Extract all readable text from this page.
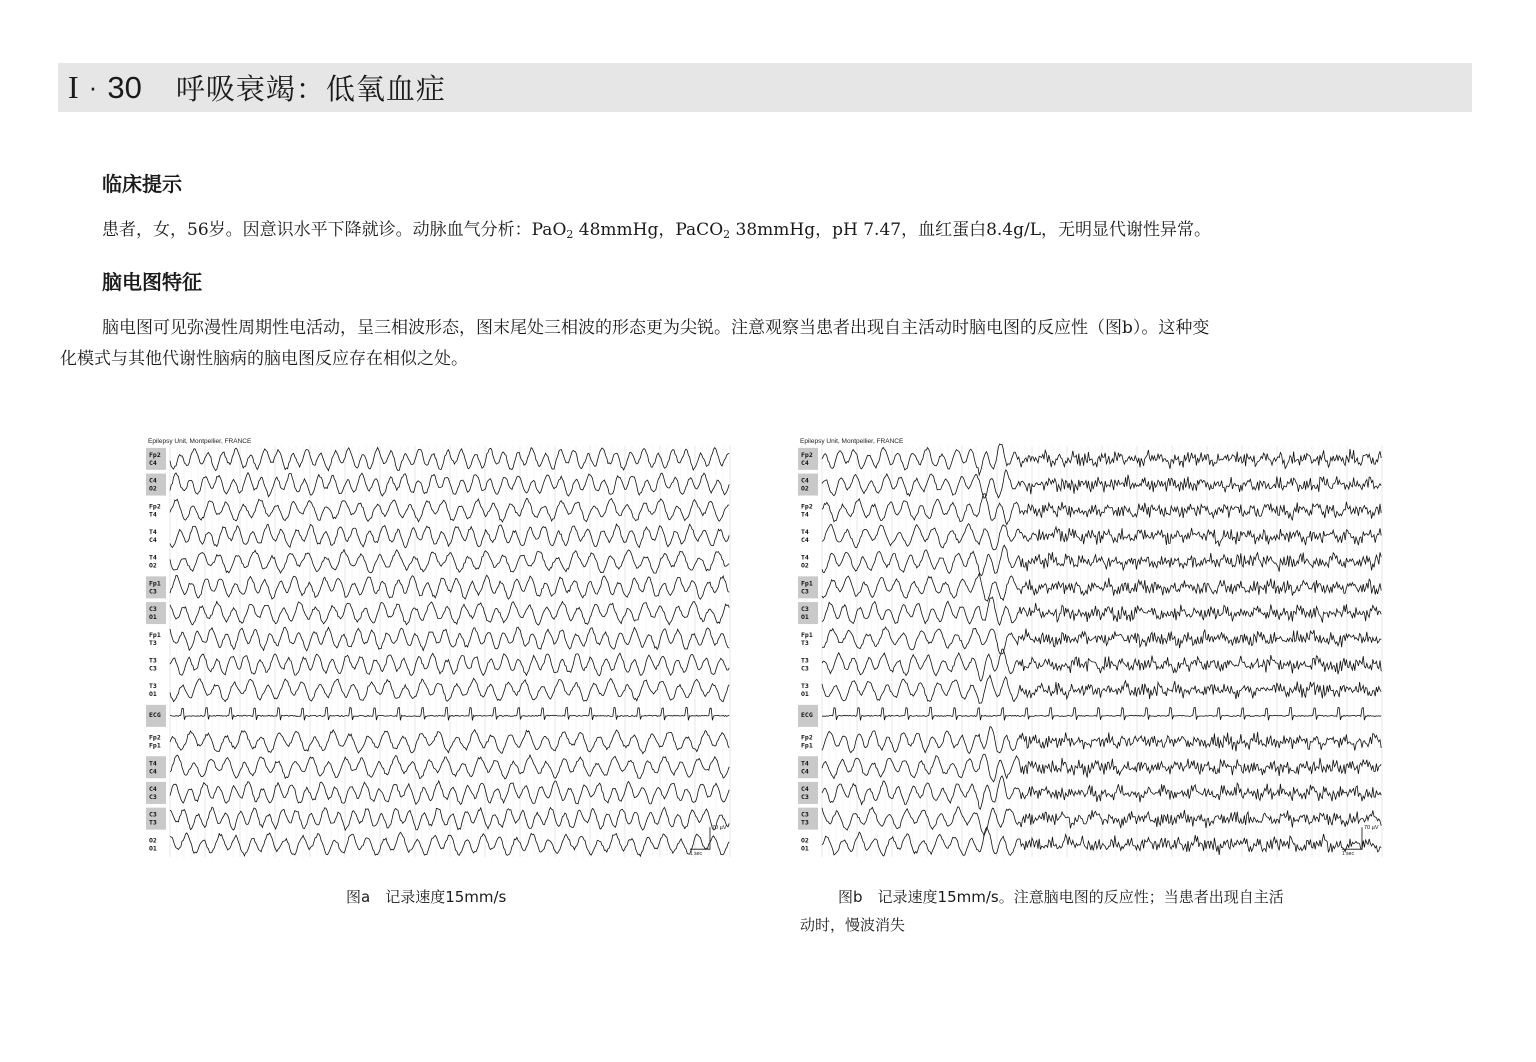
I · 30 呼吸衰竭：低氧血症
临床提示

患者，女，56岁。因意识水平下降就诊。动脉血气分析：PaO$_2$ 48mmHg，PaCO$_2$ 38mmHg，pH 7.47，血红蛋白8.4g/L，无明显代谢性异常。

脑电图特征

脑电图可见弥漫性周期性电活动，呈三相波形态，图末尾处三相波的形态更为尖锐。注意观察当患者出现自主活动时脑电图的反应性（图b）。这种变

化模式与其他代谢性脑病的脑电图反应存在相似之处。

Epilepsy Unit, Montpellier, FRANCE
Fp2
C4
C4
O2
Fp2
T4
T4
C4
T4
O2
Fp1
C3
C3
O1
Fp1
T3
T3
C3
T3
O1
ECG
Fp2
Fp1
T4
C4
C4
C3
C3
T3
O2
O1
70 µV
1 sec
图a　记录速度15mm/s
Epilepsy Unit, Montpellier, FRANCE
Fp2
C4
C4
O2
Fp2
T4
T4
C4
T4
O2
Fp1
C3
C3
O1
Fp1
T3
T3
C3
T3
O1
ECG
Fp2
Fp1
T4
C4
C4
C3
C3
T3
O2
O1
70 µV
1 sec
图b　记录速度15mm/s。注意脑电图的反应性；当患者出现自主活
动时，慢波消失
